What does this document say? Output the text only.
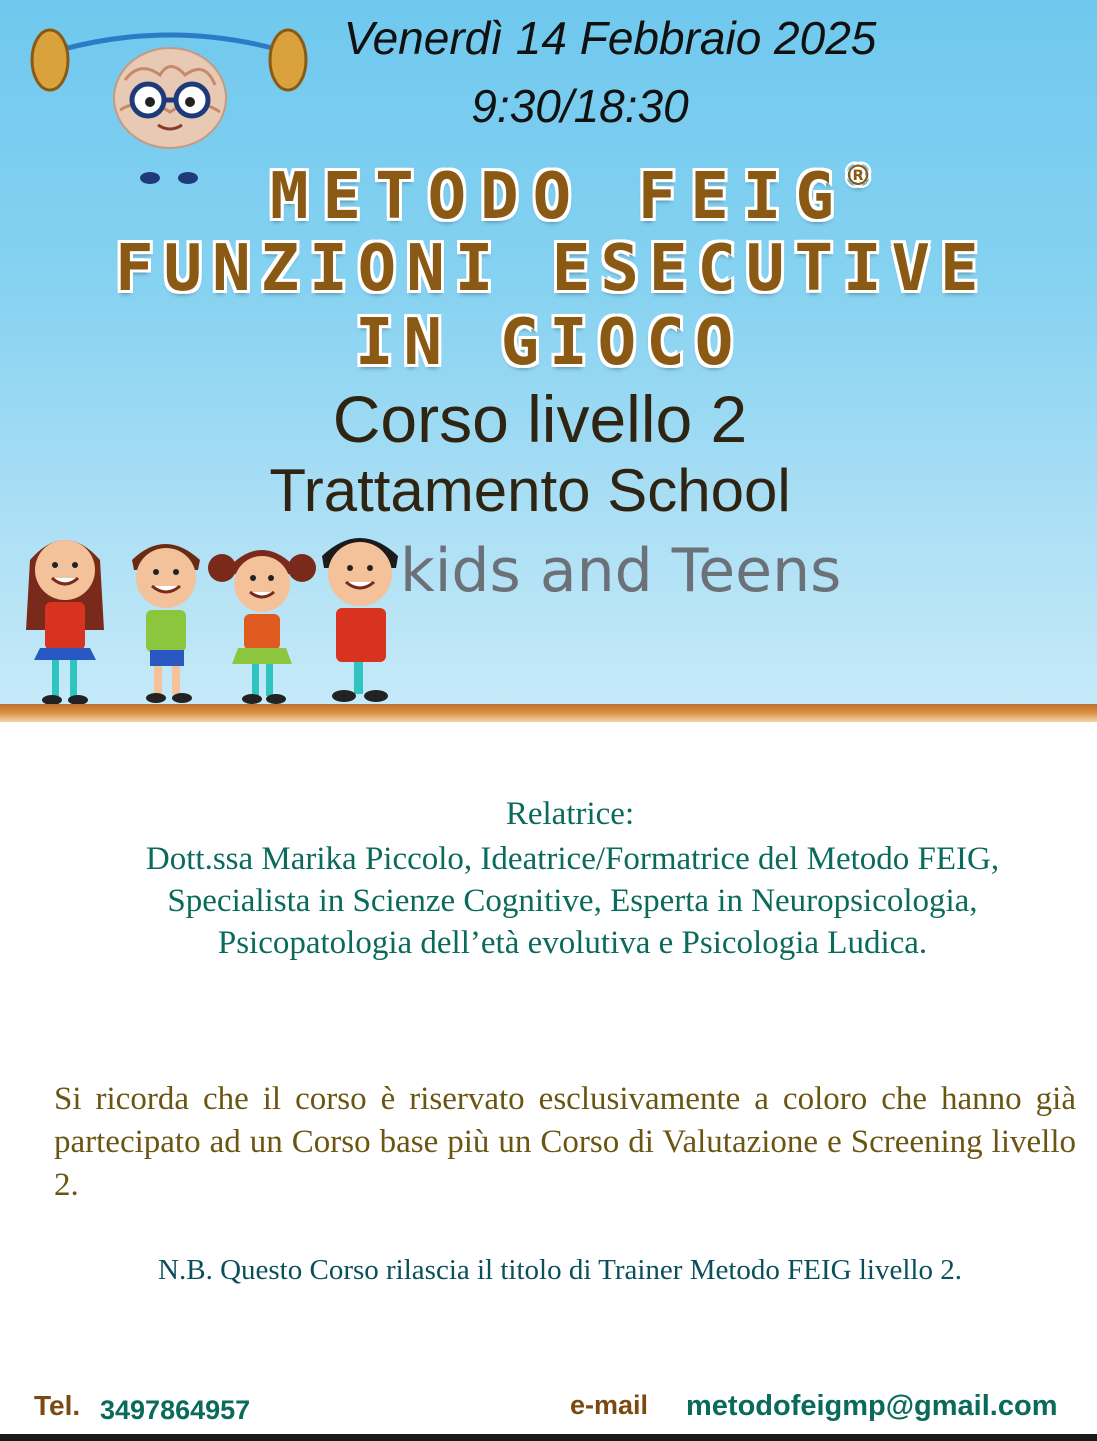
Venerdì 14 Febbraio 2025
9:30/18:30
METODO FEIG®
FUNZIONI ESECUTIVE
IN GIOCO
Corso livello 2
Trattamento School
kids and Teens
Relatrice:
Dott.ssa Marika Piccolo, Ideatrice/Formatrice del Metodo FEIG, Specialista in Scienze Cognitive, Esperta in Neuropsicologia, Psicopatologia dell’età evolutiva e Psicologia Ludica.
Si ricorda che il corso è riservato esclusivamente a coloro che hanno già partecipato ad un Corso base più un Corso di Valutazione e Screening livello 2.
N.B. Questo Corso rilascia il titolo di Trainer Metodo FEIG livello 2.
Tel. 3497864957	e-mail metodofeigmp@gmail.com
